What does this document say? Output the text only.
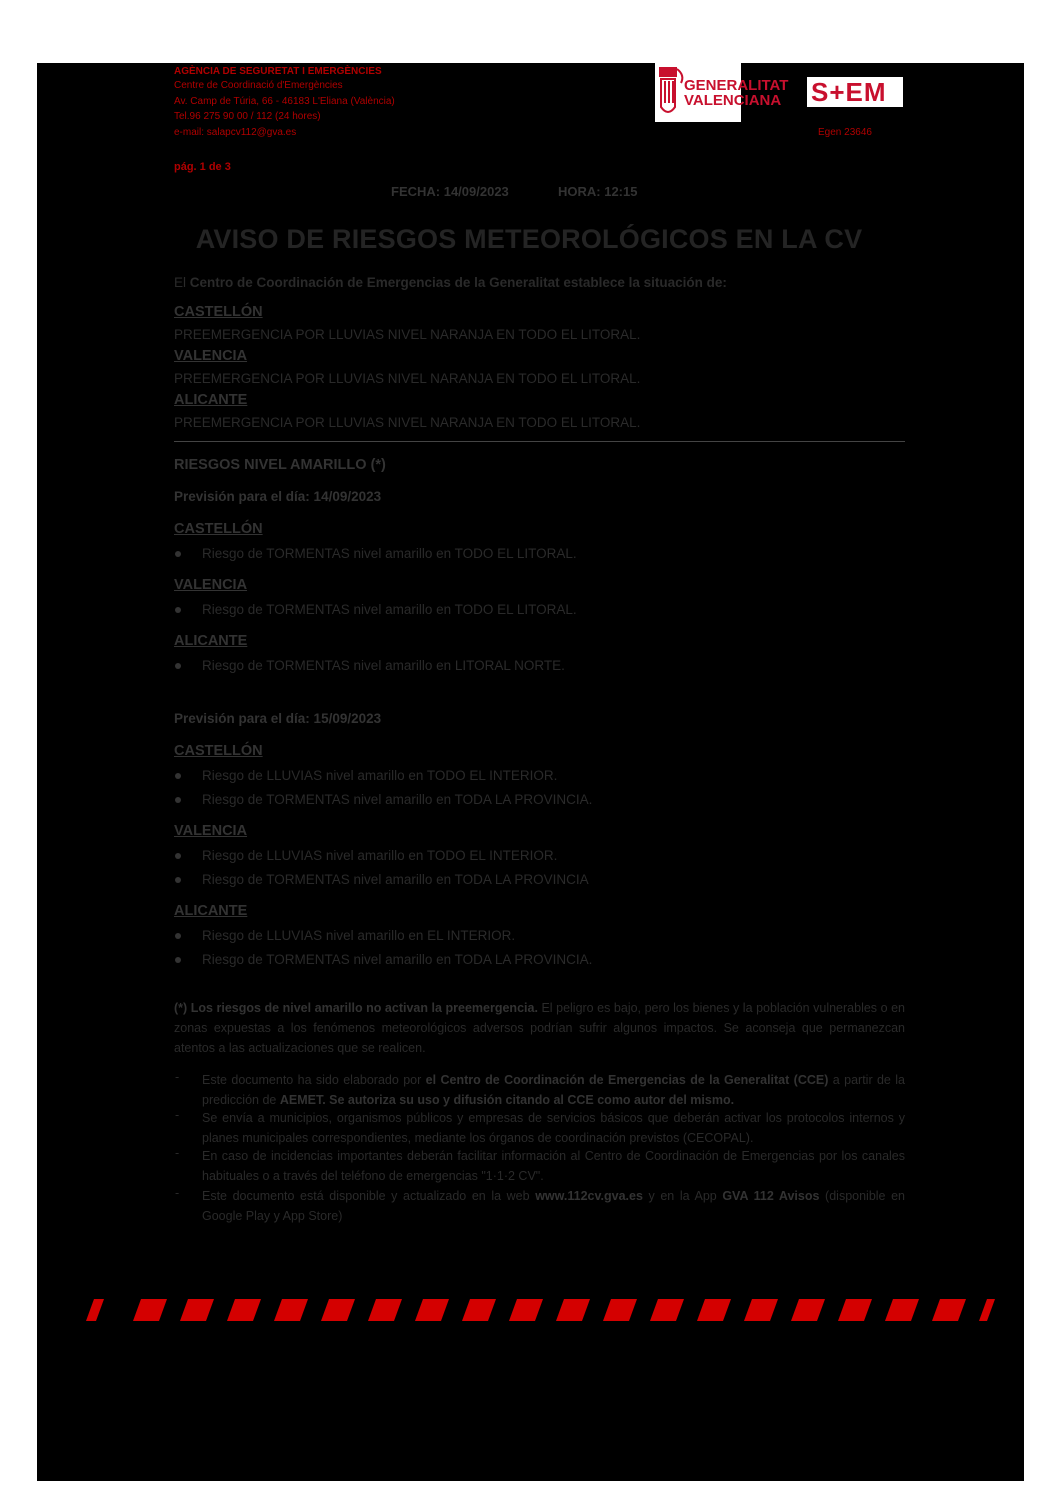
AGÈNCIA DE SEGURETAT I EMERGÈNCIES
Centre de Coordinació d'Emergències
Av. Camp de Túria, 66 - 46183 L'Eliana (València)
Tel.96 275 90 00 / 112 (24 hores)
e-mail: salapcv112@gva.es
GENERALITAT
VALENCIANA S+EM
Egen 23646
pág. 1 de 3
FECHA: 14/09/2023	HORA: 12:15
AVISO DE RIESGOS METEOROLÓGICOS EN LA CV
El Centro de Coordinación de Emergencias de la Generalitat establece la situación de:
CASTELLÓN
PREEMERGENCIA POR LLUVIAS NIVEL NARANJA EN TODO EL LITORAL.
VALENCIA
PREEMERGENCIA POR LLUVIAS NIVEL NARANJA EN TODO EL LITORAL.
ALICANTE
PREEMERGENCIA POR LLUVIAS NIVEL NARANJA EN TODO EL LITORAL.
RIESGOS NIVEL AMARILLO (*)
Previsión para el día: 14/09/2023
CASTELLÓN
Riesgo de TORMENTAS nivel amarillo en TODO EL LITORAL.
VALENCIA
Riesgo de TORMENTAS nivel amarillo en TODO EL LITORAL.
ALICANTE
Riesgo de TORMENTAS nivel amarillo en LITORAL NORTE.
Previsión para el día: 15/09/2023
CASTELLÓN
Riesgo de LLUVIAS nivel amarillo en TODO EL INTERIOR.
Riesgo de TORMENTAS nivel amarillo en TODA LA PROVINCIA.
VALENCIA
Riesgo de LLUVIAS nivel amarillo en TODO EL INTERIOR.
Riesgo de TORMENTAS nivel amarillo en TODA LA PROVINCIA
ALICANTE
Riesgo de LLUVIAS nivel amarillo en EL INTERIOR.
Riesgo de TORMENTAS nivel amarillo en TODA LA PROVINCIA.
(*) Los riesgos de nivel amarillo no activan la preemergencia. El peligro es bajo, pero los bienes y la población vulnerables o en zonas expuestas a los fenómenos meteorológicos adversos podrían sufrir algunos impactos. Se aconseja que permanezcan atentos a las actualizaciones que se realicen.
- Este documento ha sido elaborado por el Centro de Coordinación de Emergencias de la Generalitat (CCE) a partir de la predicción de AEMET. Se autoriza su uso y difusión citando al CCE como autor del mismo.
- Se envía a municipios, organismos públicos y empresas de servicios básicos que deberán activar los protocolos internos y planes municipales correspondientes, mediante los órganos de coordinación previstos (CECOPAL).
- En caso de incidencias importantes deberán facilitar información al Centro de Coordinación de Emergencias por los canales habituales o a través del teléfono de emergencias "1·1·2 CV".
- Este documento está disponible y actualizado en la web www.112cv.gva.es y en la App GVA 112 Avisos (disponible en Google Play y App Store)
